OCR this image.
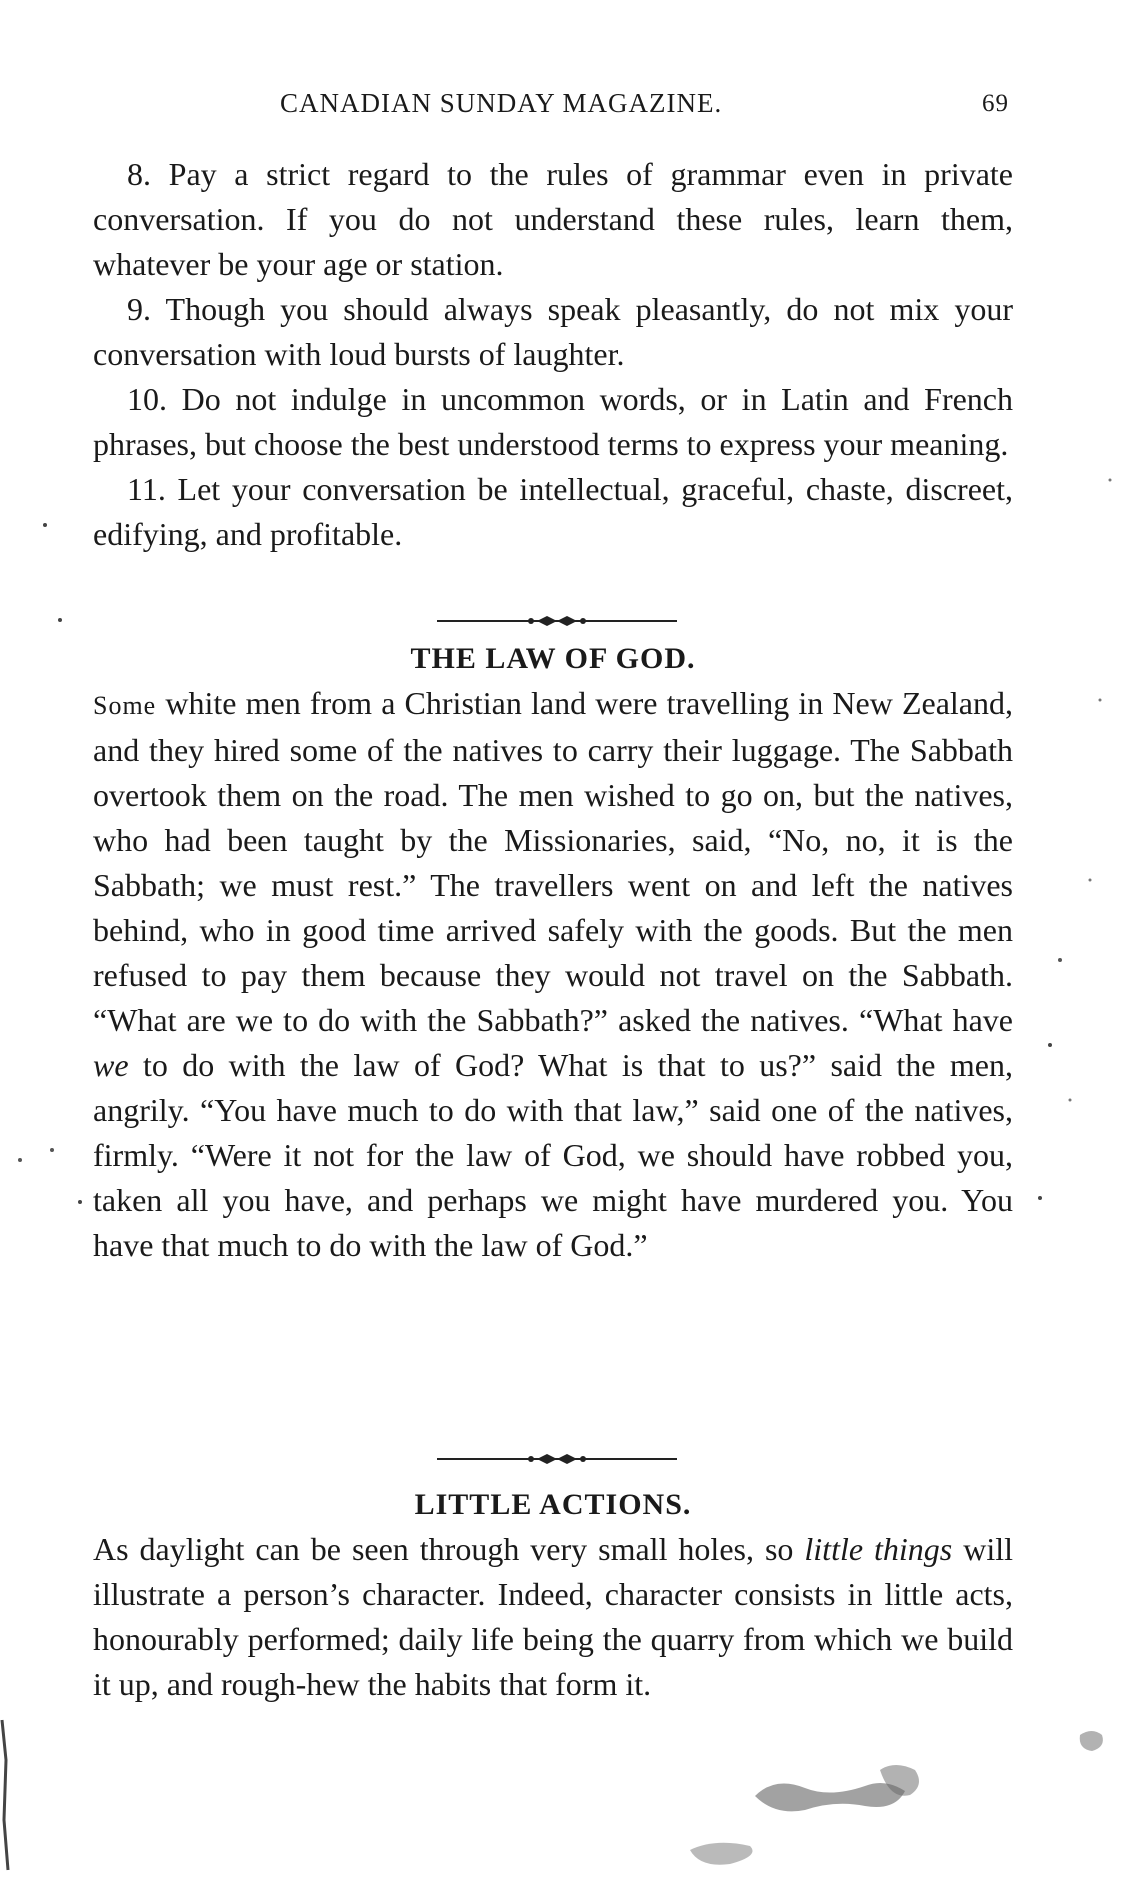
CANADIAN SUNDAY MAGAZINE.	69

8. Pay a strict regard to the rules of grammar even in private conversation. If you do not understand these rules, learn them, whatever be your age or station.

9. Though you should always speak pleasantly, do not mix your conversation with loud bursts of laughter.

10. Do not indulge in uncommon words, or in Latin and French phrases, but choose the best understood terms to express your meaning.

11. Let your conversation be intellectual, graceful, chaste, discreet, edifying, and profitable.

THE LAW OF GOD.

Some white men from a Christian land were travelling in New Zealand, and they hired some of the natives to carry their luggage. The Sabbath overtook them on the road. The men wished to go on, but the natives, who had been taught by the Missionaries, said, “No, no, it is the Sabbath; we must rest.” The travellers went on and left the natives behind, who in good time arrived safely with the goods. But the men refused to pay them because they would not travel on the Sabbath. “What are we to do with the Sabbath?” asked the natives. “What have we to do with the law of God? What is that to us?” said the men, angrily. “You have much to do with that law,” said one of the natives, firmly. “Were it not for the law of God, we should have robbed you, taken all you have, and perhaps we might have murdered you. You have that much to do with the law of God.”

LITTLE ACTIONS.

As daylight can be seen through very small holes, so little things will illustrate a person’s character. Indeed, character consists in little acts, honourably performed; daily life being the quarry from which we build it up, and rough-hew the habits that form it.
